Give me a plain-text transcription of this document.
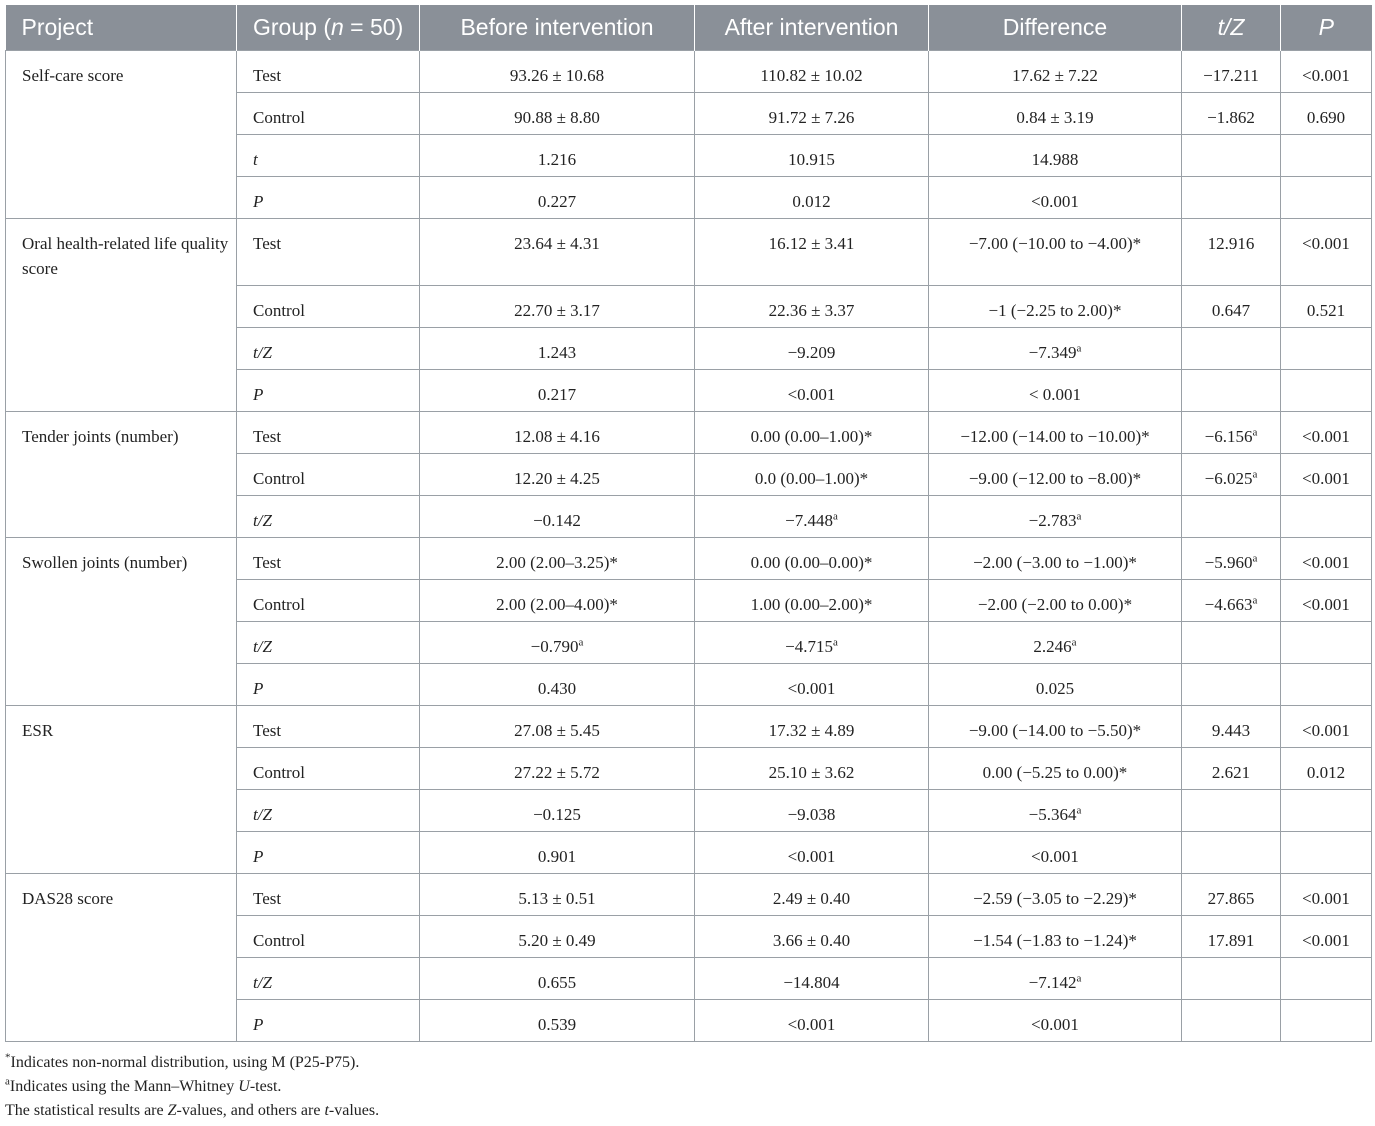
Project	Group (n = 50)	Before intervention	After intervention	Difference	t/Z	P

Self-care score	Test	93.26 ± 10.68	110.82 ± 10.02	17.62 ± 7.22	−17.211	<0.001

	Control	90.88 ± 8.80	91.72 ± 7.26	0.84 ± 3.19	−1.862	0.690

	t	1.216	10.915	14.988		

	P	0.227	0.012	<0.001		

Oral health-related life quality score	Test	23.64 ± 4.31	16.12 ± 3.41	−7.00 (−10.00 to −4.00)*	12.916	<0.001

	Control	22.70 ± 3.17	22.36 ± 3.37	−1 (−2.25 to 2.00)*	0.647	0.521

	t/Z	1.243	−9.209	−7.349$^a$

	P	0.217	<0.001	< 0.001		

Tender joints (number)	Test	12.08 ± 4.16	0.00 (0.00–1.00)*	−12.00 (−14.00 to −10.00)*	−6.156$^a$	<0.001

	Control	12.20 ± 4.25	0.0 (0.00–1.00)*	−9.00 (−12.00 to −8.00)*	−6.025$^a$	<0.001

	t/Z	−0.142	−7.448$^a$	−2.783$^a$

Swollen joints (number)	Test	2.00 (2.00–3.25)*	0.00 (0.00–0.00)*	−2.00 (−3.00 to −1.00)*	−5.960$^a$	<0.001

	Control	2.00 (2.00–4.00)*	1.00 (0.00–2.00)*	−2.00 (−2.00 to 0.00)*	−4.663$^a$	<0.001

	t/Z	−0.790$^a$	−4.715$^a$	2.246$^a$

	P	0.430	<0.001	0.025		

ESR	Test	27.08 ± 5.45	17.32 ± 4.89	−9.00 (−14.00 to −5.50)*	9.443	<0.001

	Control	27.22 ± 5.72	25.10 ± 3.62	0.00 (−5.25 to 0.00)*	2.621	0.012

	t/Z	−0.125	−9.038	−5.364$^a$

	P	0.901	<0.001	<0.001		

DAS28 score	Test	5.13 ± 0.51	2.49 ± 0.40	−2.59 (−3.05 to −2.29)*	27.865	<0.001

	Control	5.20 ± 0.49	3.66 ± 0.40	−1.54 (−1.83 to −1.24)*	17.891	<0.001

	t/Z	0.655	−14.804	−7.142$^a$

	P	0.539	<0.001	<0.001		

*Indicates non-normal distribution, using M (P25-P75).
$^a$Indicates using the Mann–Whitney U-test.
The statistical results are Z-values, and others are t-values.
